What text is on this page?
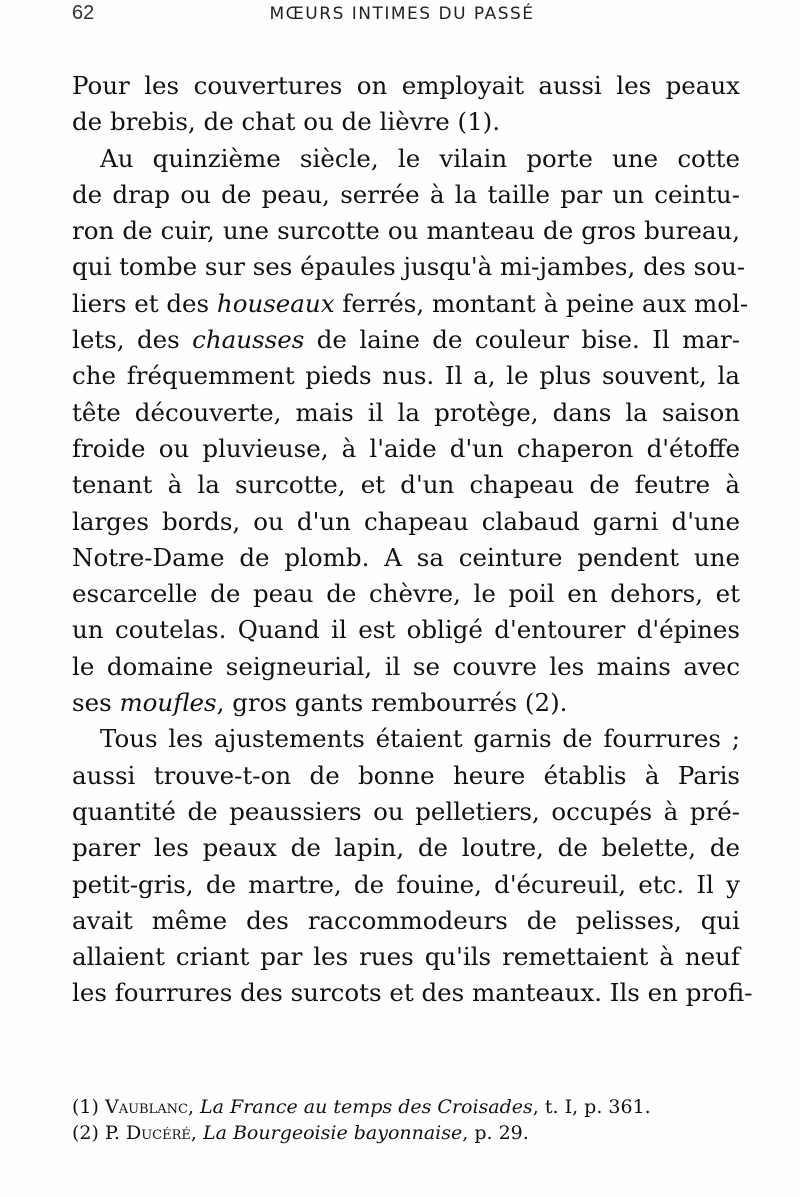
62	MŒURS INTIMES DU PASSÉ
Pour les couvertures on employait aussi les peaux
de brebis, de chat ou de lièvre (1).
Au quinzième siècle, le vilain porte une cotte
de drap ou de peau, serrée à la taille par un ceintu-
ron de cuir, une surcotte ou manteau de gros bureau,
qui tombe sur ses épaules jusqu'à mi-jambes, des sou-
liers et des houseaux ferrés, montant à peine aux mol-
lets, des chausses de laine de couleur bise. Il mar-
che fréquemment pieds nus. Il a, le plus souvent, la
tête découverte, mais il la protège, dans la saison
froide ou pluvieuse, à l'aide d'un chaperon d'étoffe
tenant à la surcotte, et d'un chapeau de feutre à
larges bords, ou d'un chapeau clabaud garni d'une
Notre-Dame de plomb. A sa ceinture pendent une
escarcelle de peau de chèvre, le poil en dehors, et
un coutelas. Quand il est obligé d'entourer d'épines
le domaine seigneurial, il se couvre les mains avec
ses moufles, gros gants rembourrés (2).
Tous les ajustements étaient garnis de fourrures ;
aussi trouve-t-on de bonne heure établis à Paris
quantité de peaussiers ou pelletiers, occupés à pré-
parer les peaux de lapin, de loutre, de belette, de
petit-gris, de martre, de fouine, d'écureuil, etc. Il y
avait même des raccommodeurs de pelisses, qui
allaient criant par les rues qu'ils remettaient à neuf
les fourrures des surcots et des manteaux. Ils en profi-
(1) Vaublanc, La France au temps des Croisades, t. I, p. 361.
(2) P. Ducéré, La Bourgeoisie bayonnaise, p. 29.
